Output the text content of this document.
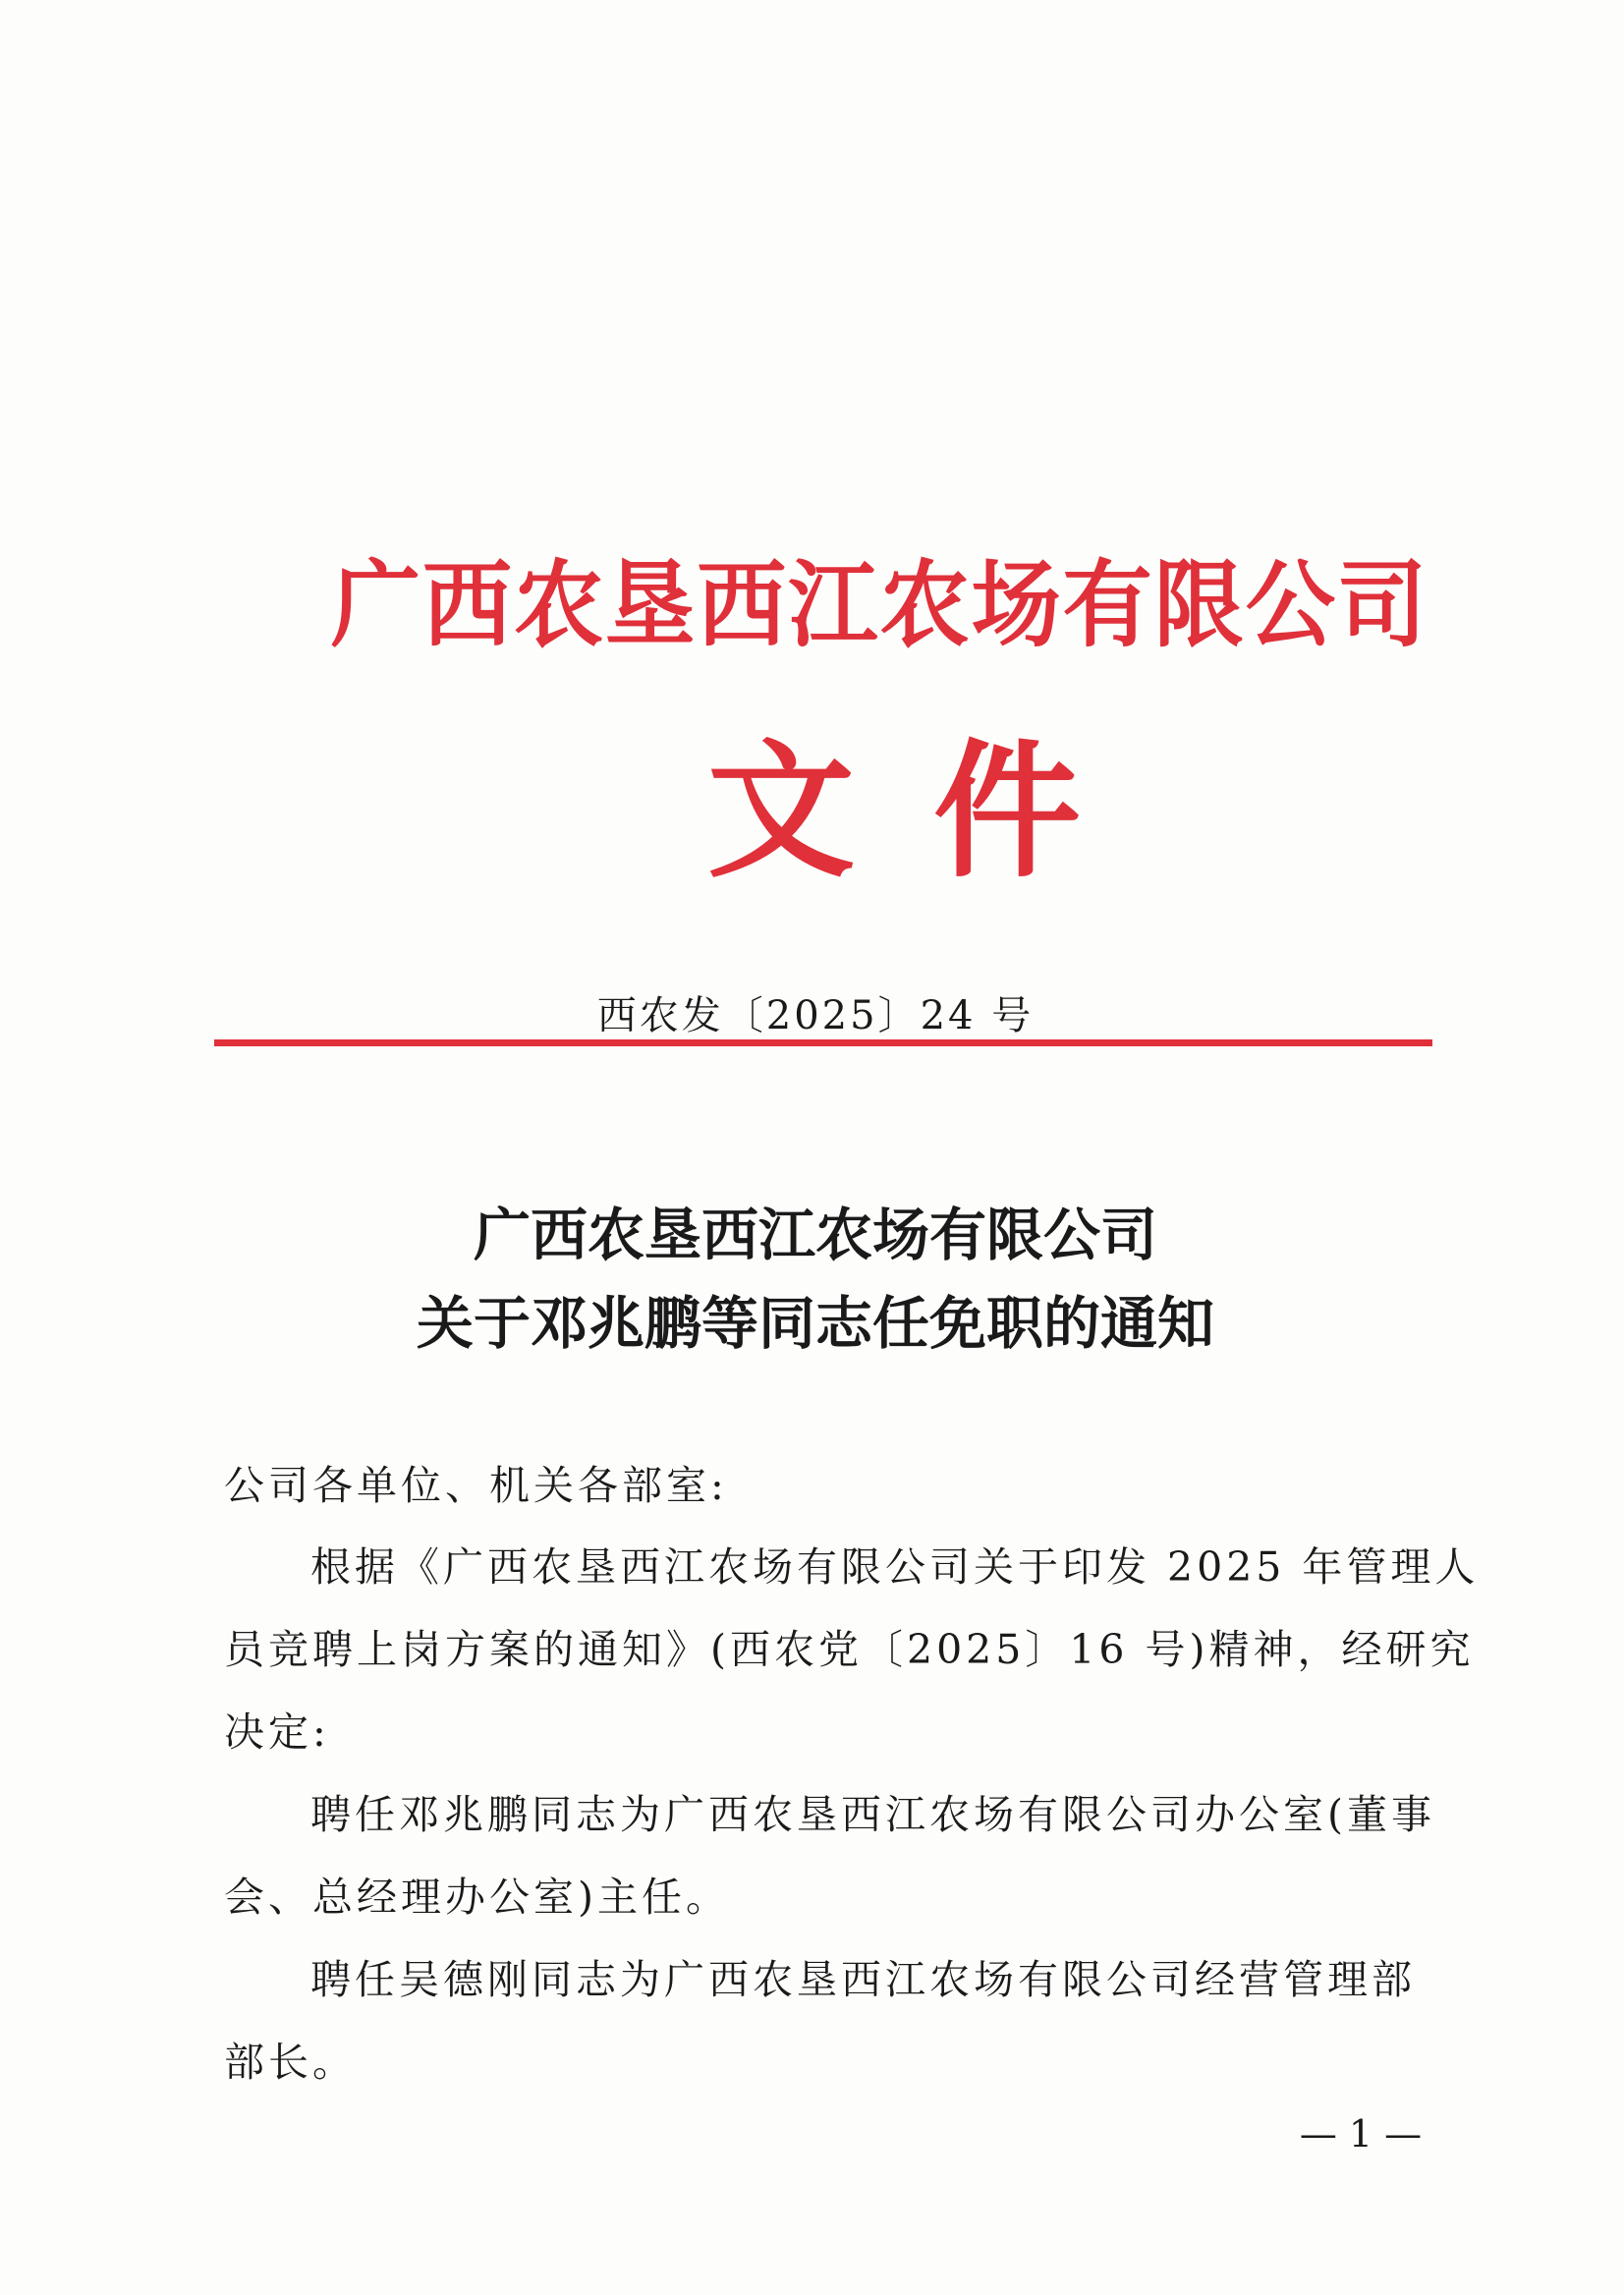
广西农垦西江农场有限公司
文件
西农发〔2025〕24 号
广西农垦西江农场有限公司
关于邓兆鹏等同志任免职的通知
公司各单位、机关各部室:
根据《广西农垦西江农场有限公司关于印发 2025 年管理人
员竞聘上岗方案的通知》(西农党〔2025〕16 号)精神，经研究
决定:
聘任邓兆鹏同志为广西农垦西江农场有限公司办公室(董事
会、总经理办公室)主任。
聘任吴德刚同志为广西农垦西江农场有限公司经营管理部
部长。
— 1 —
